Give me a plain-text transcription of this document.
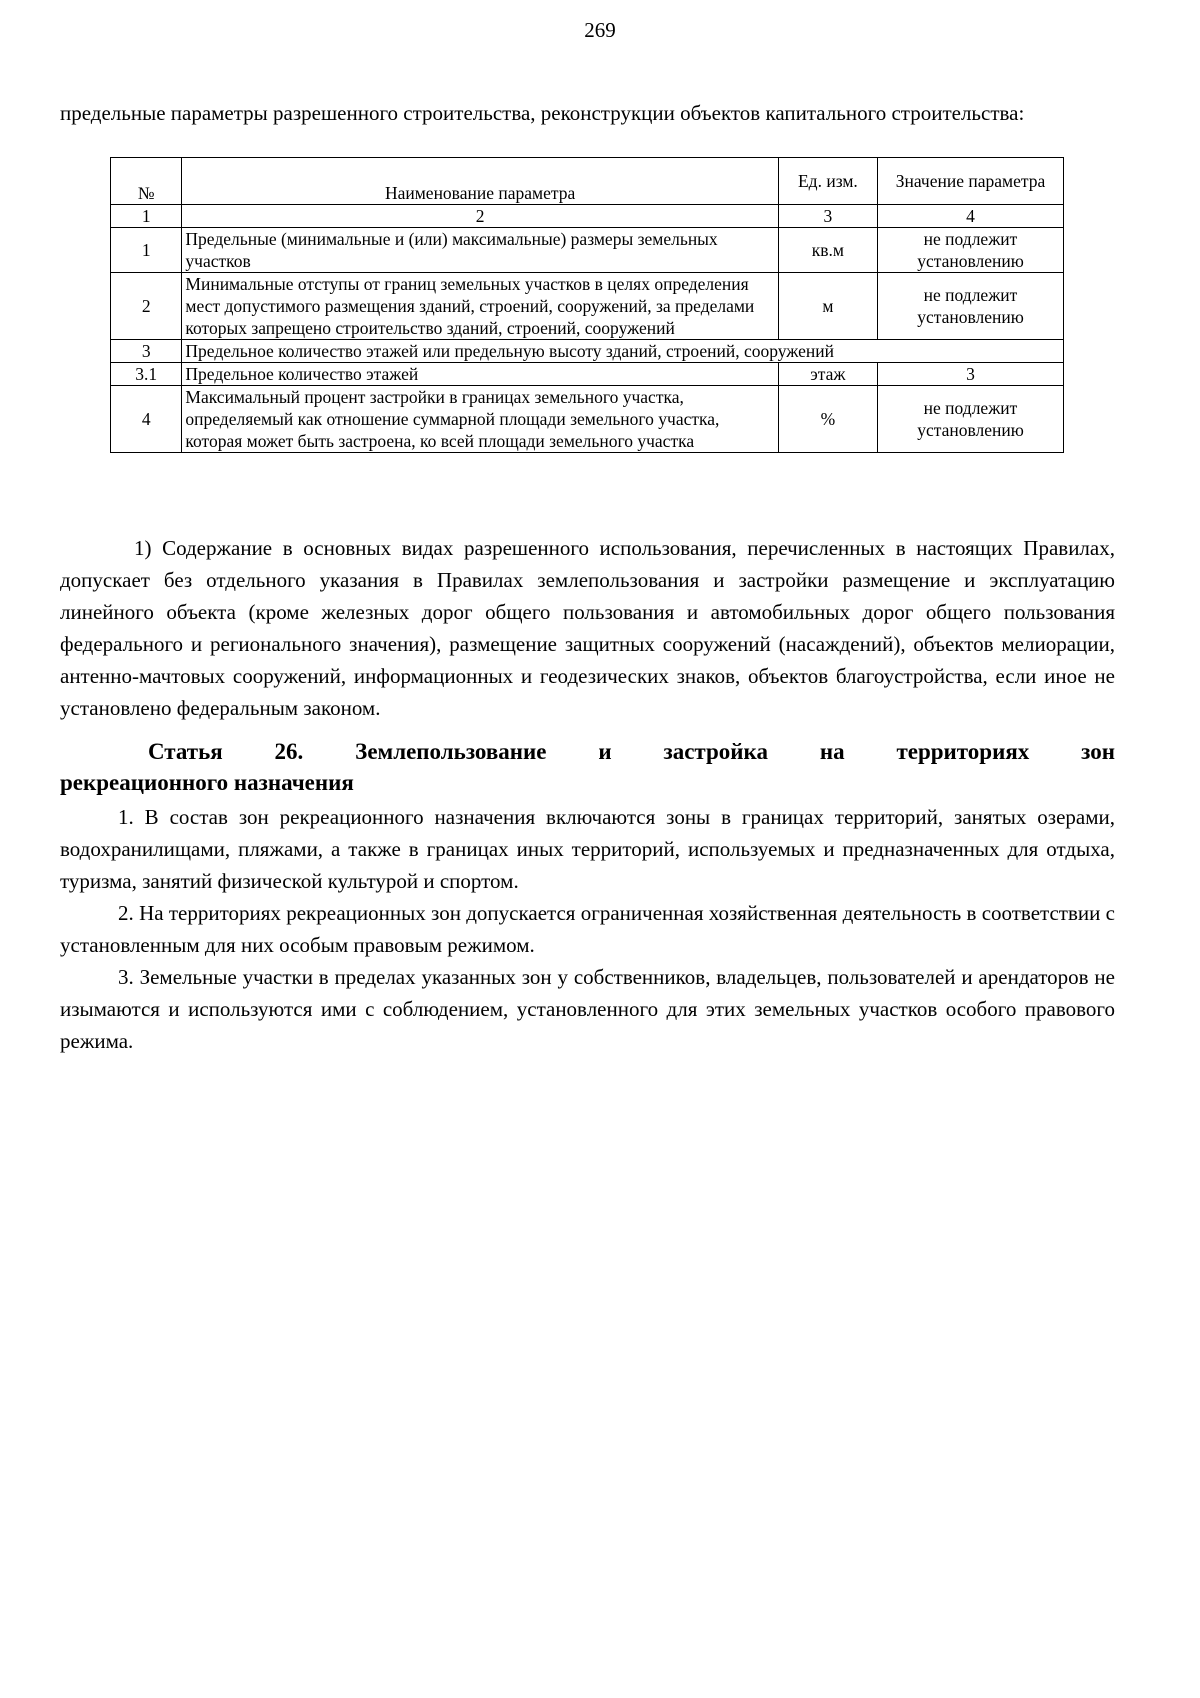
269
предельные параметры разрешенного строительства, реконструкции объектов капитального строительства:
№	Наименование параметра	Ед. изм.	Значение параметра
1	2	3	4
1	Предельные (минимальные и (или) максимальные) размеры земельных участков	кв.м	не подлежит установлению
2	Минимальные отступы от границ земельных участков в целях определения мест допустимого размещения зданий, строений, сооружений, за пределами которых запрещено строительство зданий, строений, сооружений	м	не подлежит установлению
3	Предельное количество этажей или предельную высоту зданий, строений, сооружений		
3.1	Предельное количество этажей	этаж	3
4	Максимальный процент застройки в границах земельного участка, определяемый как отношение суммарной площади земельного участка, которая может быть застроена, ко всей площади земельного участка	%	не подлежит установлению

1) Содержание в основных видах разрешенного использования, перечисленных в настоящих Правилах, допускает без отдельного указания в Правилах землепользования и застройки размещение и эксплуатацию линейного объекта (кроме железных дорог общего пользования и автомобильных дорог общего пользования федерального и регионального значения), размещение защитных сооружений (насаждений), объектов мелиорации, антенно-мачтовых сооружений, информационных и геодезических знаков, объектов благоустройства, если иное не установлено федеральным законом.

Статья 26. Землепользование и застройка на территориях зон
рекреационного назначения

1. В состав зон рекреационного назначения включаются зоны в границах территорий, занятых озерами, водохранилищами, пляжами, а также в границах иных территорий, используемых и предназначенных для отдыха, туризма, занятий физической культурой и спортом.

2. На территориях рекреационных зон допускается ограниченная хозяйственная деятельность в соответствии с установленным для них особым правовым режимом.

3. Земельные участки в пределах указанных зон у собственников, владельцев, пользователей и арендаторов не изымаются и используются ими с соблюдением, установленного для этих земельных участков особого правового режима.
